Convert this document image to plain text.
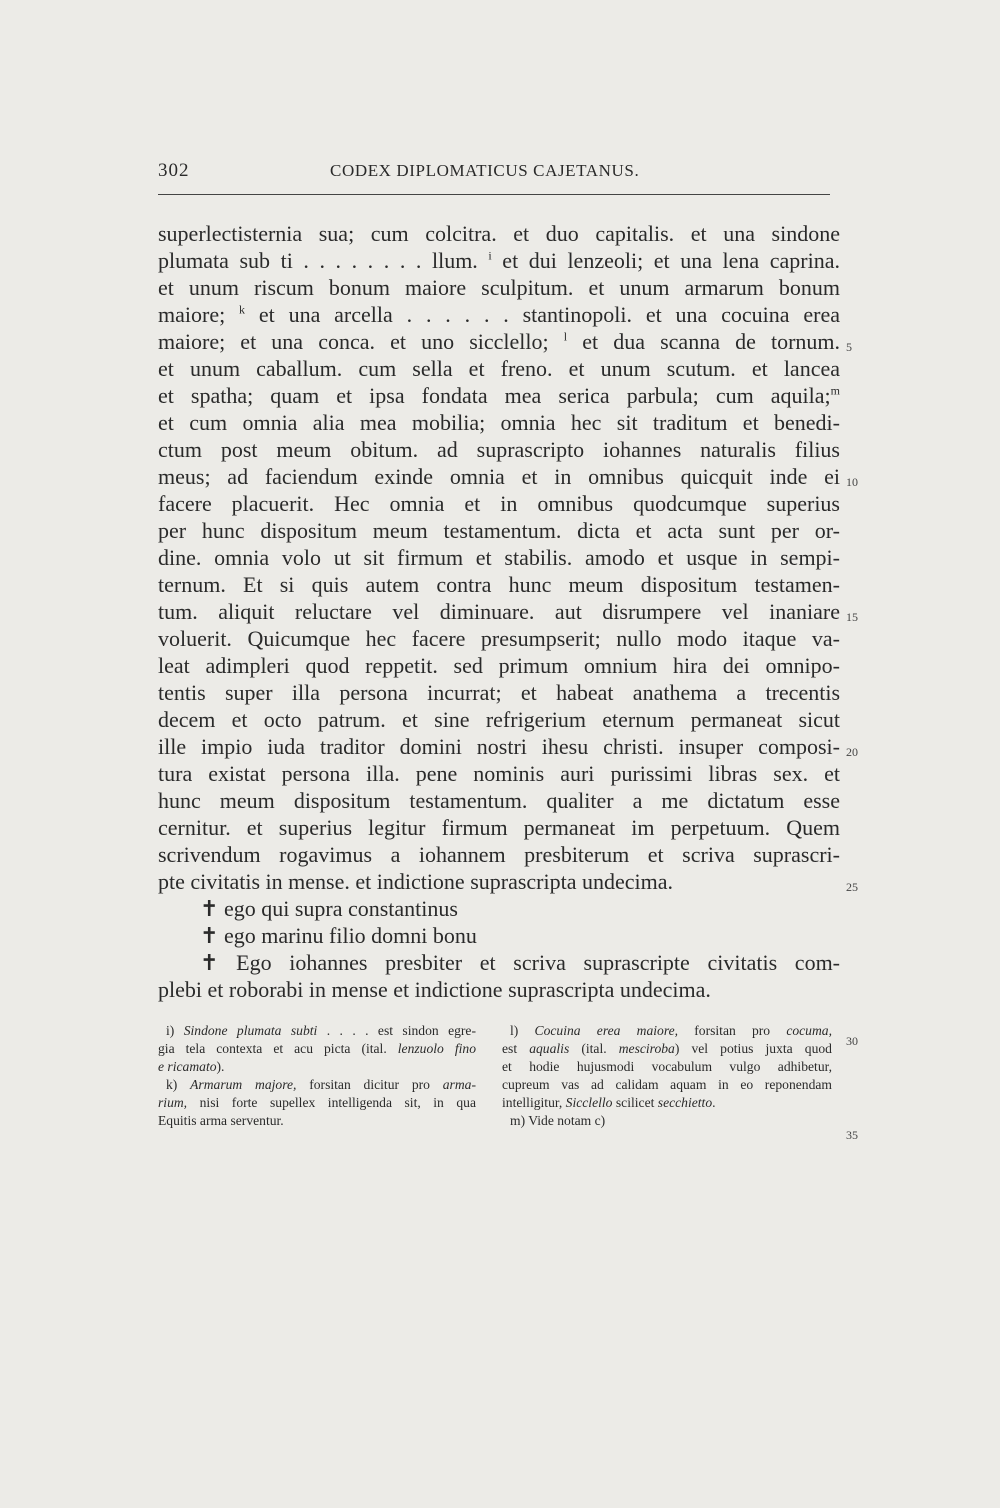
302	CODEX DIPLOMATICUS CAJETANUS.
superlectisternia sua; cum colcitra. et duo capitalis. et una sindone
plumata sub ti . . . . . . . . llum. $^i$ et dui lenzeoli; et una lena caprina.
et unum riscum bonum maiore sculpitum. et unum armarum bonum
maiore; $^k$ et una arcella . . . . . . stantinopoli. et una cocuina erea
maiore; et una conca. et uno sicclello; $^l$ et dua scanna de tornum.
et unum caballum. cum sella et freno. et unum scutum. et lancea
et spatha; quam et ipsa fondata mea serica parbula; cum aquila;$^m$
et cum omnia alia mea mobilia; omnia hec sit traditum et benedi-
ctum post meum obitum. ad suprascripto iohannes naturalis filius
meus; ad faciendum exinde omnia et in omnibus quicquit inde ei
facere placuerit. Hec omnia et in omnibus quodcumque superius
per hunc dispositum meum testamentum. dicta et acta sunt per or-
dine. omnia volo ut sit firmum et stabilis. amodo et usque in sempi-
ternum. Et si quis autem contra hunc meum dispositum testamen-
tum. aliquit reluctare vel diminuare. aut disrumpere vel inaniare
voluerit. Quicumque hec facere presumpserit; nullo modo itaque va-
leat adimpleri quod reppetit. sed primum omnium hira dei omnipo-
tentis super illa persona incurrat; et habeat anathema a trecentis
decem et octo patrum. et sine refrigerium eternum permaneat sicut
ille impio iuda traditor domini nostri ihesu christi. insuper composi-
tura existat persona illa. pene nominis auri purissimi libras sex. et
hunc meum dispositum testamentum. qualiter a me dictatum esse
cernitur. et superius legitur firmum permaneat im perpetuum. Quem
scrivendum rogavimus a iohannem presbiterum et scriva suprascri-
pte civitatis in mense. et indictione suprascripta undecima.
✝ ego qui supra constantinus
✝ ego marinu filio domni bonu
✝ Ego iohannes presbiter et scriva suprascripte civitatis com-
plebi et roborabi in mense et indictione suprascripta undecima.
5
10
15
20
25
i) Sindone plumata subti . . . . est sindon egre-
gia tela contexta et acu picta (ital. lenzuolo fino
e ricamato).
k) Armarum majore, forsitan dicitur pro arma-
rium, nisi forte supellex intelligenda sit, in qua
Equitis arma serventur.
l) Cocuina erea maiore, forsitan pro cocuma,
est aqualis (ital. mesciroba) vel potius juxta quod
et hodie hujusmodi vocabulum vulgo adhibetur,
cupreum vas ad calidam aquam in eo reponendam
intelligitur, Sicclello scilicet secchietto.
m) Vide notam c)
30
35
